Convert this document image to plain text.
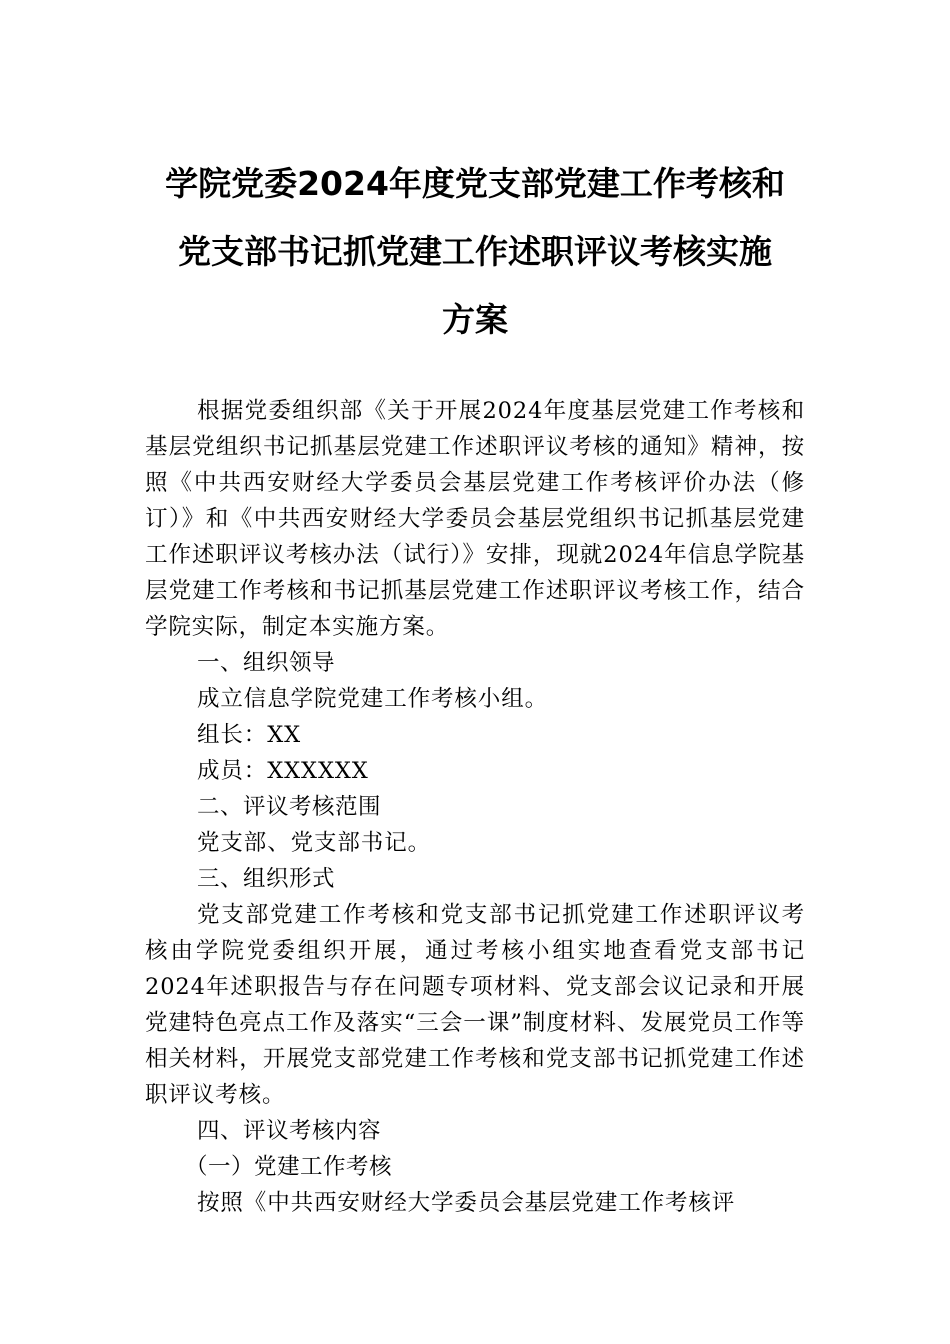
学院党委2024年度党支部党建工作考核和
党支部书记抓党建工作述职评议考核实施
方案

根据党委组织部《关于开展2024年度基层党建工作考核和基层党组织书记抓基层党建工作述职评议考核的通知》精神，按照《中共西安财经大学委员会基层党建工作考核评价办法（修订）》和《中共西安财经大学委员会基层党组织书记抓基层党建工作述职评议考核办法（试行）》安排，现就2024年信息学院基层党建工作考核和书记抓基层党建工作述职评议考核工作，结合学院实际，制定本实施方案。

一、组织领导

成立信息学院党建工作考核小组。

组长：XX

成员：XXXXXX

二、评议考核范围

党支部、党支部书记。

三、组织形式

党支部党建工作考核和党支部书记抓党建工作述职评议考核由学院党委组织开展，通过考核小组实地查看党支部书记2024年述职报告与存在问题专项材料、党支部会议记录和开展党建特色亮点工作及落实“三会一课”制度材料、发展党员工作等相关材料，开展党支部党建工作考核和党支部书记抓党建工作述职评议考核。

四、评议考核内容

（一）党建工作考核

按照《中共西安财经大学委员会基层党建工作考核评
